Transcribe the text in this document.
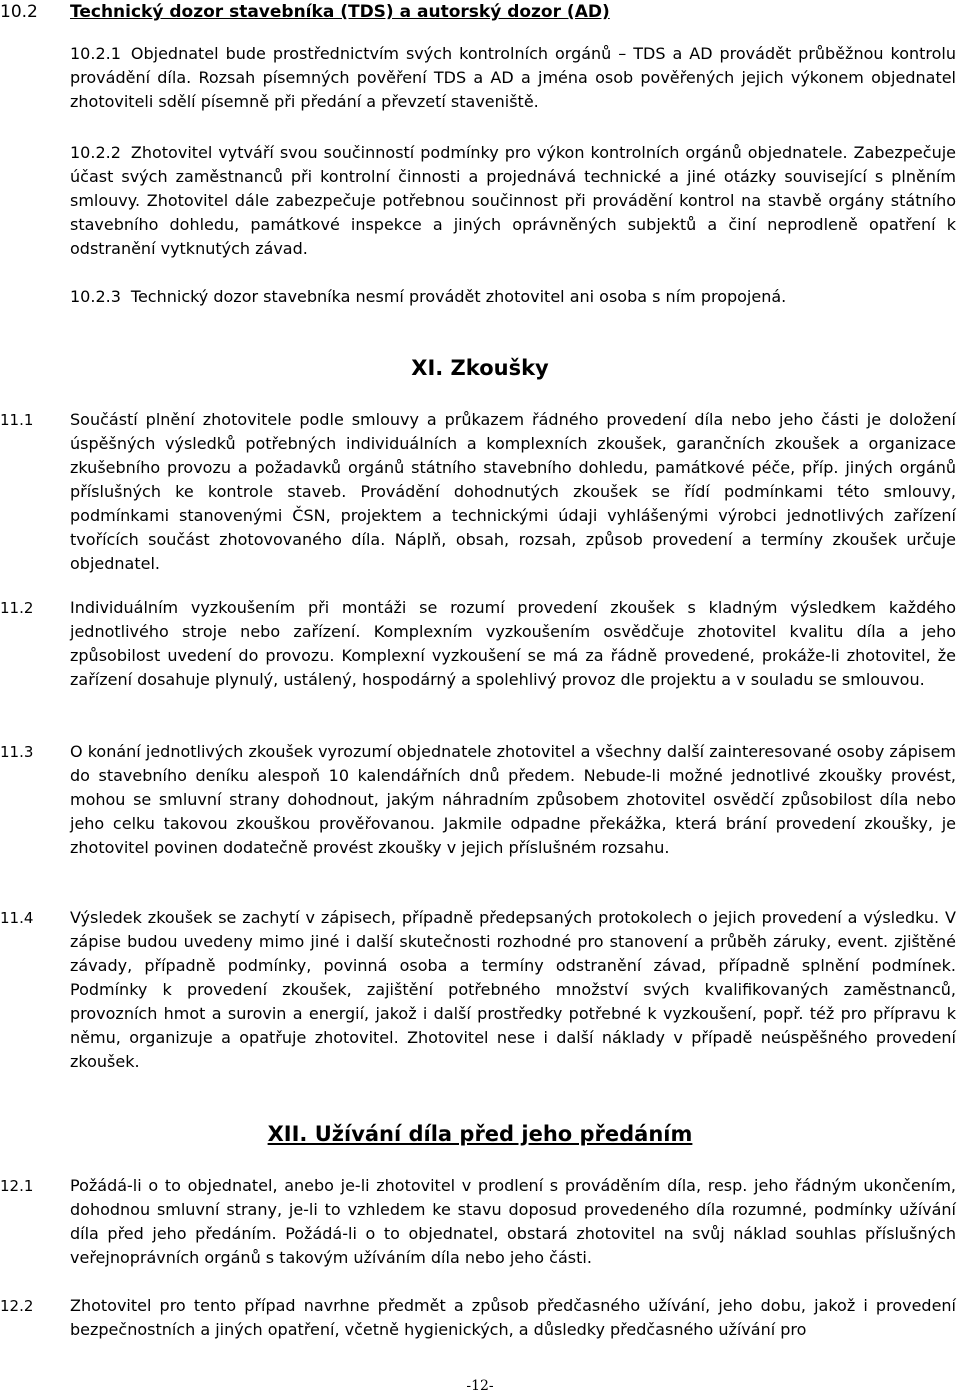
10.2 Technický dozor stavebníka (TDS) a autorský dozor (AD)
10.2.1 Objednatel bude prostřednictvím svých kontrolních orgánů – TDS a AD provádět průběžnou kontrolu provádění díla. Rozsah písemných pověření TDS a AD a jména osob pověřených jejich výkonem objednatel zhotoviteli sdělí písemně při předání a převzetí staveniště.
10.2.2 Zhotovitel vytváří svou součinností podmínky pro výkon kontrolních orgánů objednatele. Zabezpečuje účast svých zaměstnanců při kontrolní činnosti a projednává technické a jiné otázky související s plněním smlouvy. Zhotovitel dále zabezpečuje potřebnou součinnost při provádění kontrol na stavbě orgány státního stavebního dohledu, památkové inspekce a jiných oprávněných subjektů a činí neprodleně opatření k odstranění vytknutých závad.
10.2.3 Technický dozor stavebníka nesmí provádět zhotovitel ani osoba s ním propojená.
XI. Zkoušky
11.1 Součástí plnění zhotovitele podle smlouvy a průkazem řádného provedení díla nebo jeho části je doložení úspěšných výsledků potřebných individuálních a komplexních zkoušek, garančních zkoušek a organizace zkušebního provozu a požadavků orgánů státního stavebního dohledu, památkové péče, příp. jiných orgánů příslušných ke kontrole staveb. Provádění dohodnutých zkoušek se řídí podmínkami této smlouvy, podmínkami stanovenými ČSN, projektem a technickými údaji vyhlášenými výrobci jednotlivých zařízení tvořících součást zhotovovaného díla. Náplň, obsah, rozsah, způsob provedení a termíny zkoušek určuje objednatel.
11.2 Individuálním vyzkoušením při montáži se rozumí provedení zkoušek s kladným výsledkem každého jednotlivého stroje nebo zařízení. Komplexním vyzkoušením osvědčuje zhotovitel kvalitu díla a jeho způsobilost uvedení do provozu. Komplexní vyzkoušení se má za řádně provedené, prokáže-li zhotovitel, že zařízení dosahuje plynulý, ustálený, hospodárný a spolehlivý provoz dle projektu a v souladu se smlouvou.
11.3 O konání jednotlivých zkoušek vyrozumí objednatele zhotovitel a všechny další zainteresované osoby zápisem do stavebního deníku alespoň 10 kalendářních dnů předem. Nebude-li možné jednotlivé zkoušky provést, mohou se smluvní strany dohodnout, jakým náhradním způsobem zhotovitel osvědčí způsobilost díla nebo jeho celku takovou zkouškou prověřovanou. Jakmile odpadne překážka, která brání provedení zkoušky, je zhotovitel povinen dodatečně provést zkoušky v jejich příslušném rozsahu.
11.4 Výsledek zkoušek se zachytí v zápisech, případně předepsaných protokolech o jejich provedení a výsledku. V zápise budou uvedeny mimo jiné i další skutečnosti rozhodné pro stanovení a průběh záruky, event. zjištěné závady, případně podmínky, povinná osoba a termíny odstranění závad, případně splnění podmínek. Podmínky k provedení zkoušek, zajištění potřebného množství svých kvalifikovaných zaměstnanců, provozních hmot a surovin a energií, jakož i další prostředky potřebné k vyzkoušení, popř. též pro přípravu k němu, organizuje a opatřuje zhotovitel. Zhotovitel nese i další náklady v případě neúspěšného provedení zkoušek.
XII. Užívání díla před jeho předáním
12.1 Požádá-li o to objednatel, anebo je-li zhotovitel v prodlení s prováděním díla, resp. jeho řádným ukončením, dohodnou smluvní strany, je-li to vzhledem ke stavu doposud provedeného díla rozumné, podmínky užívání díla před jeho předáním. Požádá-li o to objednatel, obstará zhotovitel na svůj náklad souhlas příslušných veřejnoprávních orgánů s takovým užíváním díla nebo jeho části.
12.2 Zhotovitel pro tento případ navrhne předmět a způsob předčasného užívání, jeho dobu, jakož i provedení bezpečnostních a jiných opatření, včetně hygienických, a důsledky předčasného užívání pro
-12-
